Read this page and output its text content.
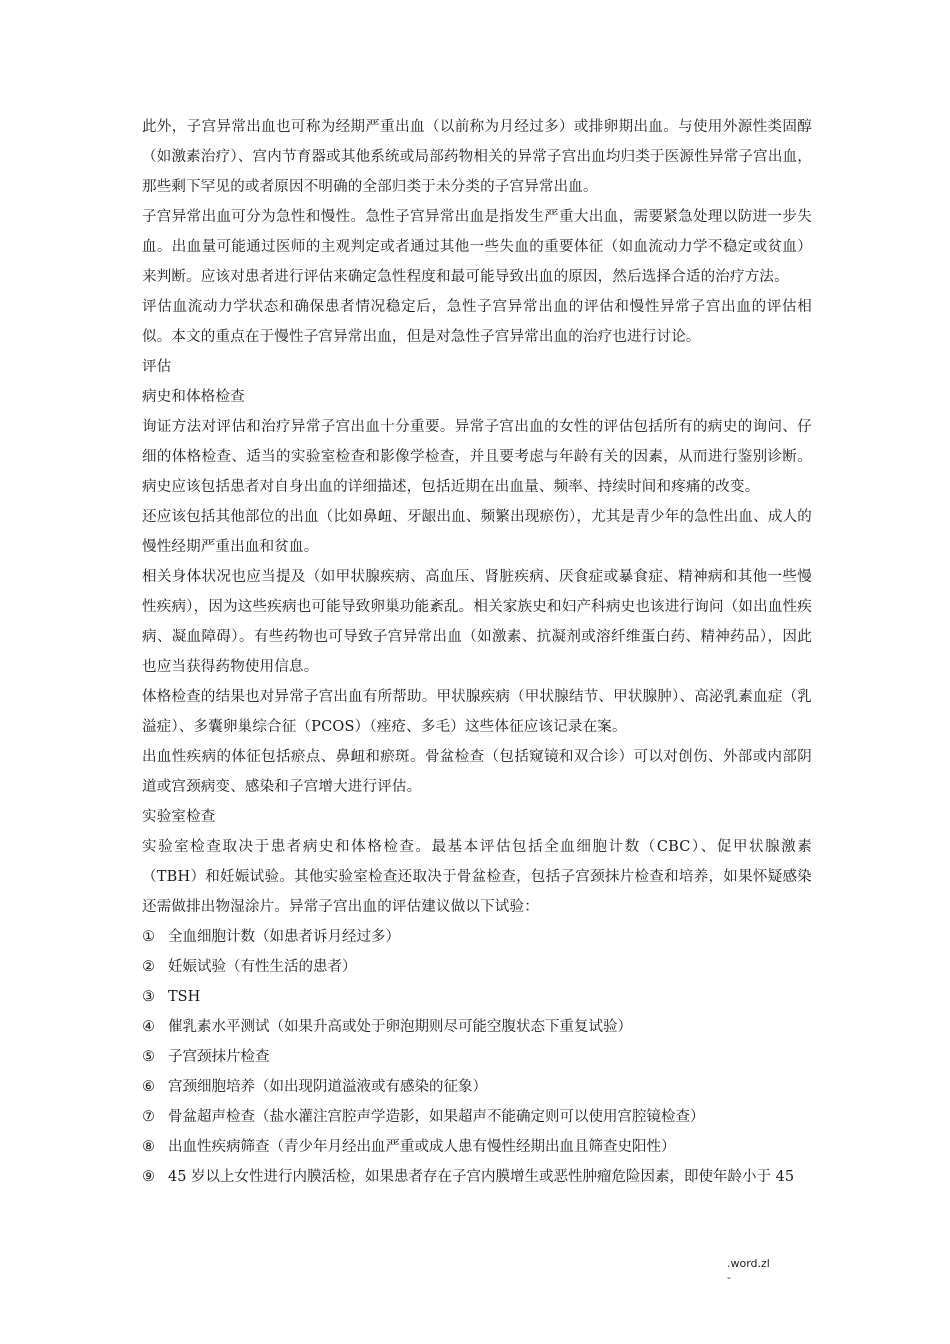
此外，子宫异常出血也可称为经期严重出血（以前称为月经过多）或排卵期出血。与使用外源性类固醇（如激素治疗）、宫内节育器或其他系统或局部药物相关的异常子宫出血均归类于医源性异常子宫出血，那些剩下罕见的或者原因不明确的全部归类于未分类的子宫异常出血。

子宫异常出血可分为急性和慢性。急性子宫异常出血是指发生严重大出血，需要紧急处理以防进一步失血。出血量可能通过医师的主观判定或者通过其他一些失血的重要体征（如血流动力学不稳定或贫血）来判断。应该对患者进行评估来确定急性程度和最可能导致出血的原因，然后选择合适的治疗方法。

评估血流动力学状态和确保患者情况稳定后，急性子宫异常出血的评估和慢性异常子宫出血的评估相似。本文的重点在于慢性子宫异常出血，但是对急性子宫异常出血的治疗也进行讨论。

评估

病史和体格检查

询证方法对评估和治疗异常子宫出血十分重要。异常子宫出血的女性的评估包括所有的病史的询问、仔细的体格检查、适当的实验室检查和影像学检查，并且要考虑与年龄有关的因素，从而进行鉴别诊断。病史应该包括患者对自身出血的详细描述，包括近期在出血量、频率、持续时间和疼痛的改变。

还应该包括其他部位的出血（比如鼻衄、牙龈出血、频繁出现瘀伤），尤其是青少年的急性出血、成人的慢性经期严重出血和贫血。

相关身体状况也应当提及（如甲状腺疾病、高血压、肾脏疾病、厌食症或暴食症、精神病和其他一些慢性疾病），因为这些疾病也可能导致卵巢功能紊乱。相关家族史和妇产科病史也该进行询问（如出血性疾病、凝血障碍）。有些药物也可导致子宫异常出血（如激素、抗凝剂或溶纤维蛋白药、精神药品），因此也应当获得药物使用信息。

体格检查的结果也对异常子宫出血有所帮助。甲状腺疾病（甲状腺结节、甲状腺肿）、高泌乳素血症（乳溢症）、多囊卵巢综合征（PCOS）（痤疮、多毛）这些体征应该记录在案。

出血性疾病的体征包括瘀点、鼻衄和瘀斑。骨盆检查（包括窥镜和双合诊）可以对创伤、外部或内部阴道或宫颈病变、感染和子宫增大进行评估。

实验室检查

实验室检查取决于患者病史和体格检查。最基本评估包括全血细胞计数（CBC）、促甲状腺激素（TBH）和妊娠试验。其他实验室检查还取决于骨盆检查，包括子宫颈抹片检查和培养，如果怀疑感染还需做排出物湿涂片。异常子宫出血的评估建议做以下试验：

① 全血细胞计数（如患者诉月经过多）
② 妊娠试验（有性生活的患者）
③ TSH
④ 催乳素水平测试（如果升高或处于卵泡期则尽可能空腹状态下重复试验）
⑤ 子宫颈抹片检查
⑥ 宫颈细胞培养（如出现阴道溢液或有感染的征象）
⑦ 骨盆超声检查（盐水灌注宫腔声学造影，如果超声不能确定则可以使用宫腔镜检查）
⑧ 出血性疾病筛查（青少年月经出血严重或成人患有慢性经期出血且筛查史阳性）
⑨ 45 岁以上女性进行内膜活检，如果患者存在子宫内膜增生或恶性肿瘤危险因素，即使年龄小于 45
.word.zl
-
